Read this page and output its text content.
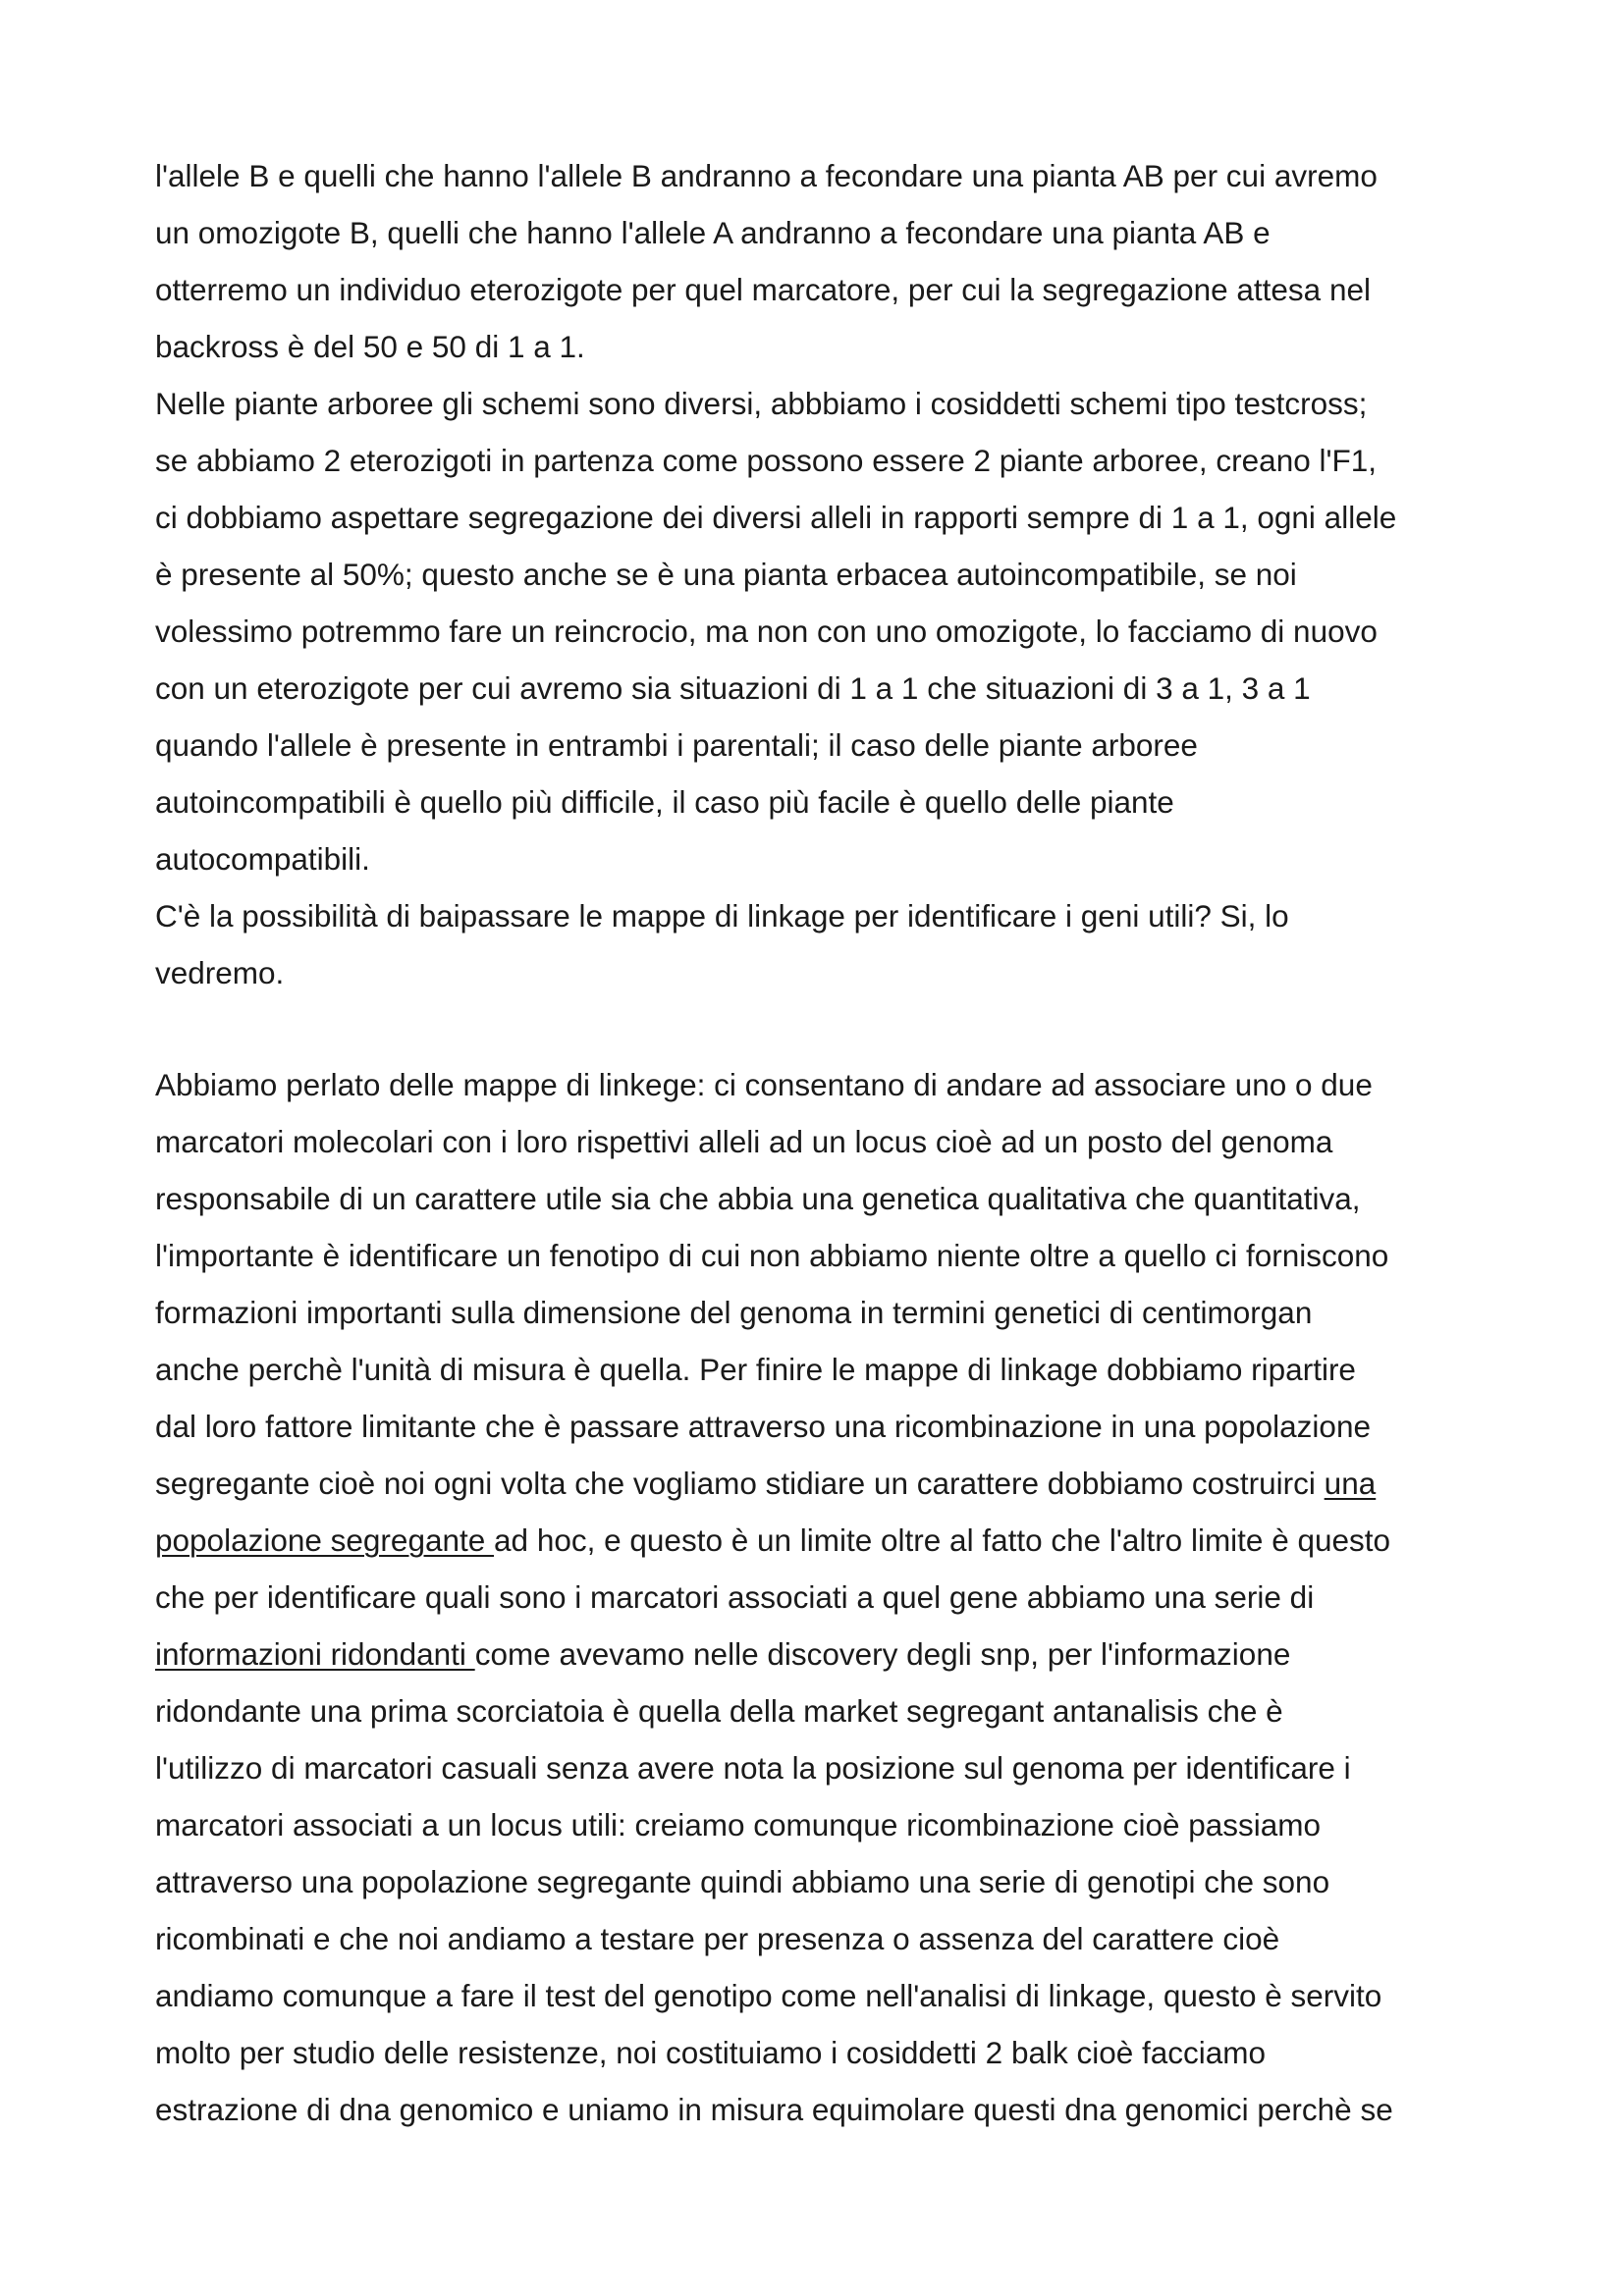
l'allele B e quelli che hanno l'allele B andranno a fecondare una pianta AB per cui avremo
un omozigote B, quelli che hanno l'allele A andranno a fecondare una pianta AB e
otterremo un individuo eterozigote per quel marcatore, per cui la segregazione attesa nel
backross è del 50 e 50 di 1 a 1.
Nelle piante arboree gli schemi sono diversi, abbbiamo i cosiddetti schemi tipo testcross;
se abbiamo 2 eterozigoti in partenza come possono essere 2 piante arboree, creano l'F1,
ci dobbiamo aspettare segregazione dei diversi alleli in rapporti sempre di 1 a 1, ogni allele
è presente al 50%; questo anche se è una pianta erbacea autoincompatibile, se noi
volessimo potremmo fare un reincrocio, ma non con uno omozigote, lo facciamo di nuovo
con un eterozigote per cui avremo sia situazioni di 1 a 1 che situazioni di 3 a 1, 3 a 1
quando l'allele è presente in entrambi i parentali; il caso delle piante arboree
autoincompatibili è quello più difficile, il caso più facile è quello delle piante
autocompatibili.
C'è la possibilità di baipassare le mappe di linkage per identificare i geni utili? Si, lo
vedremo.
Abbiamo perlato delle mappe di linkege: ci consentano di andare ad associare uno o due
marcatori molecolari con i loro rispettivi alleli ad un locus cioè ad un posto del genoma
responsabile di un carattere utile sia che abbia una genetica qualitativa che quantitativa,
l'importante è identificare un fenotipo di cui non abbiamo niente oltre a quello ci forniscono
formazioni importanti sulla dimensione del genoma in termini genetici di centimorgan
anche perchè l'unità di misura è quella. Per finire le mappe di linkage dobbiamo ripartire
dal loro fattore limitante che è passare attraverso una ricombinazione in una popolazione
segregante cioè noi ogni volta che vogliamo stidiare un carattere dobbiamo costruirci una
popolazione segregante ad hoc, e questo è un limite oltre al fatto che l'altro limite è questo
che per identificare quali sono i marcatori associati a quel gene abbiamo una serie di
informazioni ridondanti come avevamo nelle discovery degli snp, per l'informazione
ridondante una prima scorciatoia è quella della market segregant antanalisis che è
l'utilizzo di marcatori casuali senza avere nota la posizione sul genoma per identificare i
marcatori associati a un locus utili: creiamo comunque ricombinazione cioè passiamo
attraverso una popolazione segregante quindi abbiamo una serie di genotipi che sono
ricombinati e che noi andiamo a testare per presenza o assenza del carattere cioè
andiamo comunque a fare il test del genotipo come nell'analisi di linkage, questo è servito
molto per studio delle resistenze, noi costituiamo i cosiddetti 2 balk cioè facciamo
estrazione di dna genomico e uniamo in misura equimolare questi dna genomici perchè se
